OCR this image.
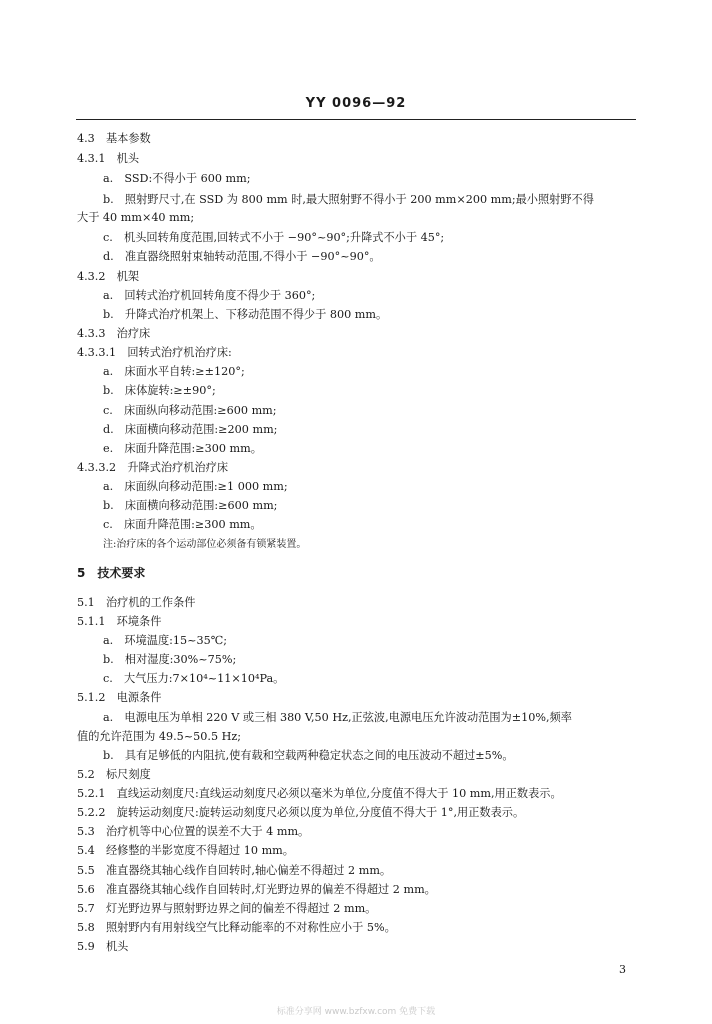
YY 0096—92
4.3　基本参数
4.3.1　机头
a.　SSD:不得小于 600 mm;
b.　照射野尺寸,在 SSD 为 800 mm 时,最大照射野不得小于 200 mm×200 mm;最小照射野不得
大于 40 mm×40 mm;
c.　机头回转角度范围,回转式不小于 −90°~90°;升降式不小于 45°;
d.　准直器绕照射束轴转动范围,不得小于 −90°~90°。
4.3.2　机架
a.　回转式治疗机回转角度不得少于 360°;
b.　升降式治疗机架上、下移动范围不得少于 800 mm。
4.3.3　治疗床
4.3.3.1　回转式治疗机治疗床:
a.　床面水平自转:≥±120°;
b.　床体旋转:≥±90°;
c.　床面纵向移动范围:≥600 mm;
d.　床面横向移动范围:≥200 mm;
e.　床面升降范围:≥300 mm。
4.3.3.2　升降式治疗机治疗床
a.　床面纵向移动范围:≥1 000 mm;
b.　床面横向移动范围:≥600 mm;
c.　床面升降范围:≥300 mm。
注:治疗床的各个运动部位必须备有锁紧装置。
5　技术要求
5.1　治疗机的工作条件
5.1.1　环境条件
a.　环境温度:15~35℃;
b.　相对湿度:30%~75%;
c.　大气压力:7×10⁴~11×10⁴Pa。
5.1.2　电源条件
a.　电源电压为单相 220 V 或三相 380 V,50 Hz,正弦波,电源电压允许波动范围为±10%,频率
值的允许范围为 49.5~50.5 Hz;
b.　具有足够低的内阻抗,使有载和空载两种稳定状态之间的电压波动不超过±5%。
5.2　标尺刻度
5.2.1　直线运动刻度尺:直线运动刻度尺必须以毫米为单位,分度值不得大于 10 mm,用正数表示。
5.2.2　旋转运动刻度尺:旋转运动刻度尺必须以度为单位,分度值不得大于 1°,用正数表示。
5.3　治疗机等中心位置的误差不大于 4 mm。
5.4　经修整的半影宽度不得超过 10 mm。
5.5　准直器绕其轴心线作自回转时,轴心偏差不得超过 2 mm。
5.6　准直器绕其轴心线作自回转时,灯光野边界的偏差不得超过 2 mm。
5.7　灯光野边界与照射野边界之间的偏差不得超过 2 mm。
5.8　照射野内有用射线空气比释动能率的不对称性应小于 5%。
5.9　机头
3
标准分享网 www.bzfxw.com 免费下载
